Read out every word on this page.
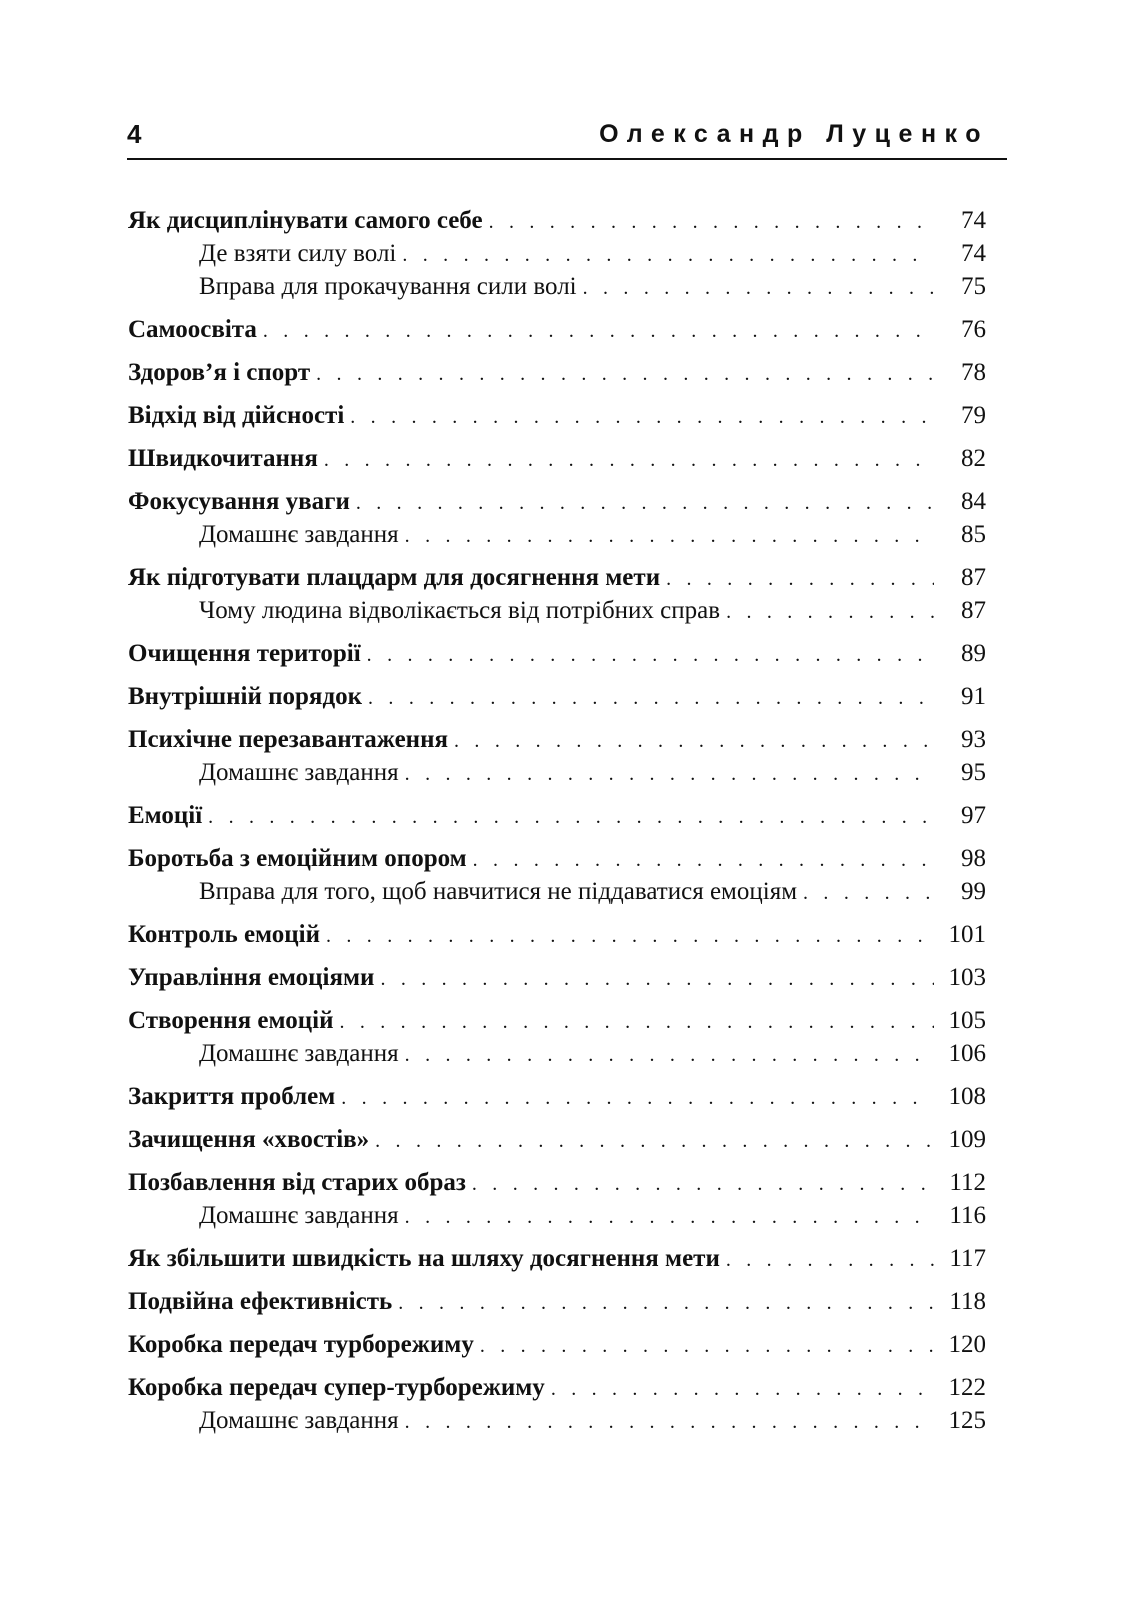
4	Олександр Луценко
Як дисциплінувати самого себе . . .	74
Де взяти силу волі . . .	74
Вправа для прокачування сили волі . . .	75
Самоосвіта . . .	76
Здоров’я і спорт . . .	78
Відхід від дійсності . . .	79
Швидкочитання . . .	82
Фокусування уваги . . .	84
Домашнє завдання . . .	85
Як підготувати плацдарм для досягнення мети . . .	87
Чому людина відволікається від потрібних справ . . .	87
Очищення території . . .	89
Внутрішній порядок . . .	91
Психічне перезавантаження . . .	93
Домашнє завдання . . .	95
Емоції . . .	97
Боротьба з емоційним опором . . .	98
Вправа для того, щоб навчитися не піддаватися емоціям . . .	99
Контроль емоцій . . .	101
Управління емоціями . . .	103
Створення емоцій . . .	105
Домашнє завдання . . .	106
Закриття проблем . . .	108
Зачищення «хвостів» . . .	109
Позбавлення від старих образ . . .	112
Домашнє завдання . . .	116
Як збільшити швидкість на шляху досягнення мети . . .	117
Подвійна ефективність . . .	118
Коробка передач турборежиму . . .	120
Коробка передач супер-турборежиму . . .	122
Домашнє завдання . . .	125
